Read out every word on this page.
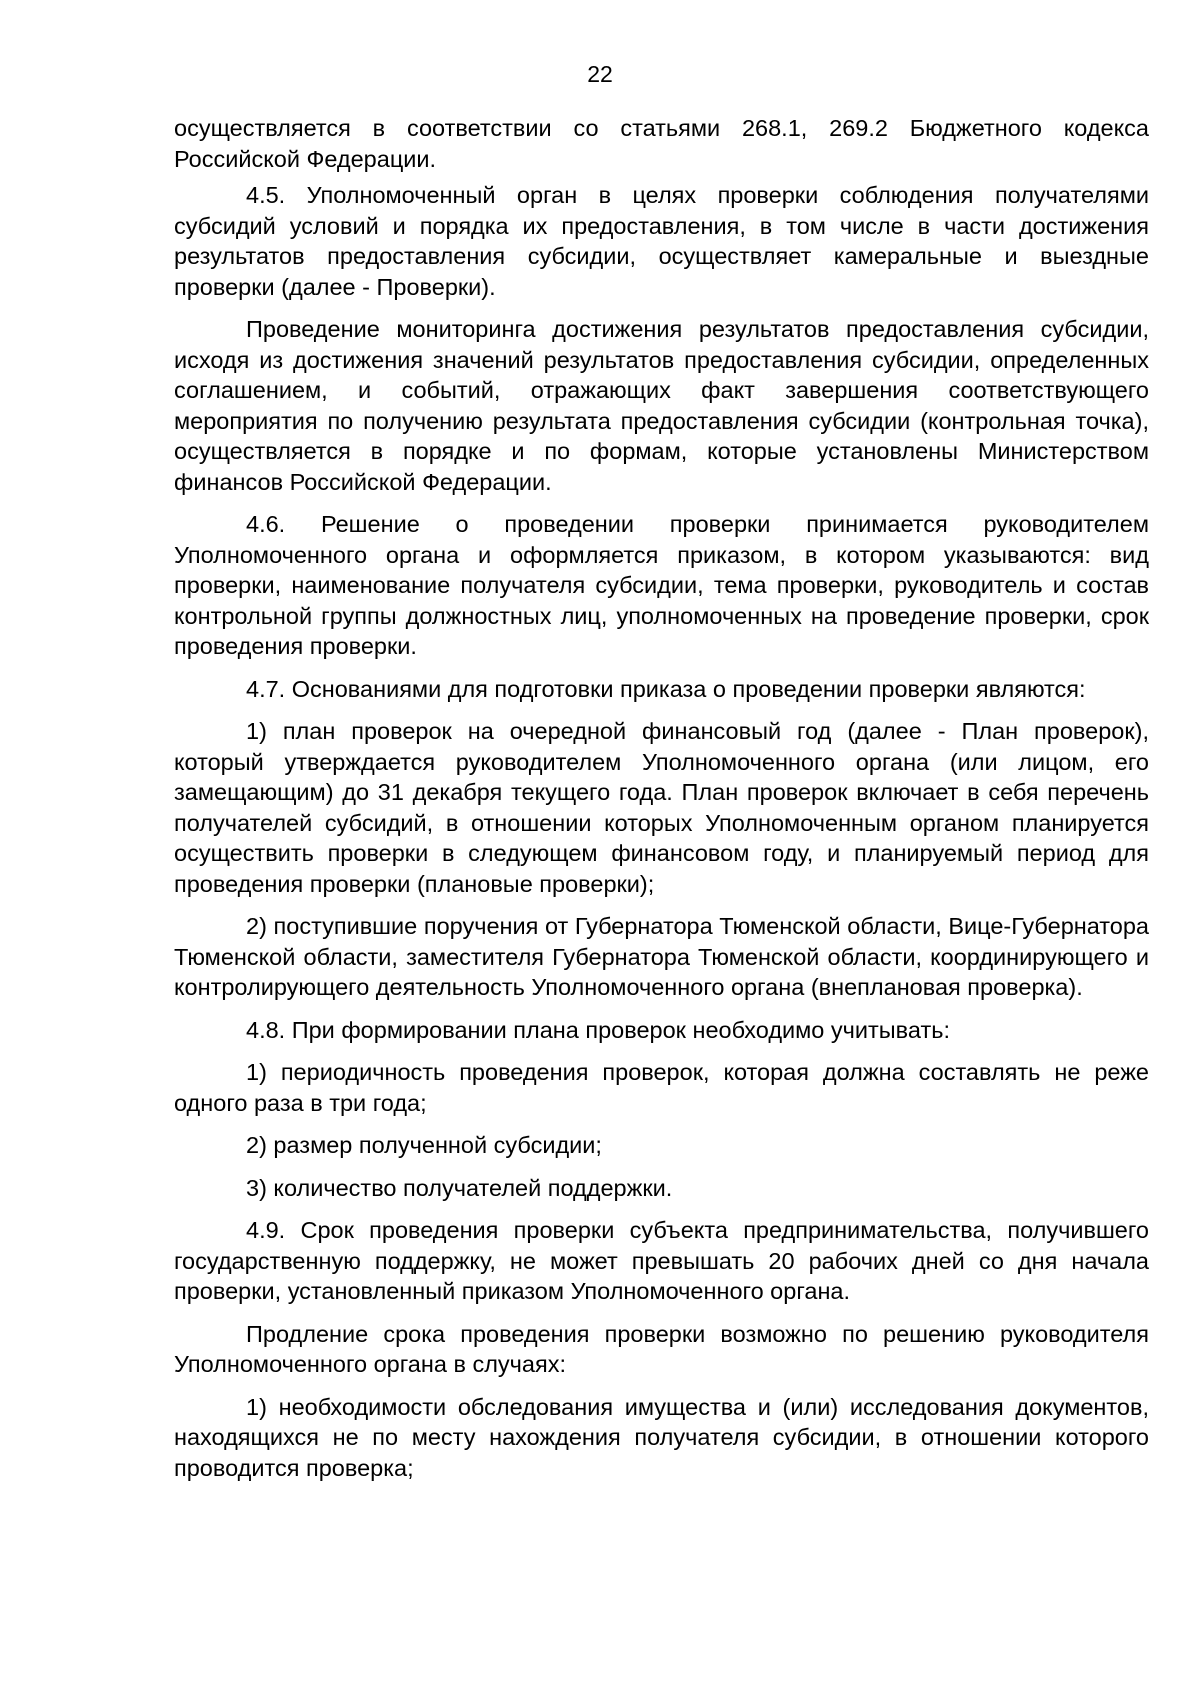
22

осуществляется в соответствии со статьями 268.1, 269.2 Бюджетного кодекса Российской Федерации.

4.5. Уполномоченный орган в целях проверки соблюдения получателями субсидий условий и порядка их предоставления, в том числе в части достижения результатов предоставления субсидии, осуществляет камеральные и выездные проверки (далее - Проверки).

Проведение мониторинга достижения результатов предоставления субсидии, исходя из достижения значений результатов предоставления субсидии, определенных соглашением, и событий, отражающих факт завершения соответствующего мероприятия по получению результата предоставления субсидии (контрольная точка), осуществляется в порядке и по формам, которые установлены Министерством финансов Российской Федерации.

4.6. Решение о проведении проверки принимается руководителем Уполномоченного органа и оформляется приказом, в котором указываются: вид проверки, наименование получателя субсидии, тема проверки, руководитель и состав контрольной группы должностных лиц, уполномоченных на проведение проверки, срок проведения проверки.

4.7. Основаниями для подготовки приказа о проведении проверки являются:

1) план проверок на очередной финансовый год (далее - План проверок), который утверждается руководителем Уполномоченного органа (или лицом, его замещающим) до 31 декабря текущего года. План проверок включает в себя перечень получателей субсидий, в отношении которых Уполномоченным органом планируется осуществить проверки в следующем финансовом году, и планируемый период для проведения проверки (плановые проверки);

2) поступившие поручения от Губернатора Тюменской области, Вице-Губернатора Тюменской области, заместителя Губернатора Тюменской области, координирующего и контролирующего деятельность Уполномоченного органа (внеплановая проверка).

4.8. При формировании плана проверок необходимо учитывать:

1) периодичность проведения проверок, которая должна составлять не реже одного раза в три года;

2) размер полученной субсидии;

3) количество получателей поддержки.

4.9. Срок проведения проверки субъекта предпринимательства, получившего государственную поддержку, не может превышать 20 рабочих дней со дня начала проверки, установленный приказом Уполномоченного органа.

Продление срока проведения проверки возможно по решению руководителя Уполномоченного органа в случаях:

1) необходимости обследования имущества и (или) исследования документов, находящихся не по месту нахождения получателя субсидии, в отношении которого проводится проверка;
